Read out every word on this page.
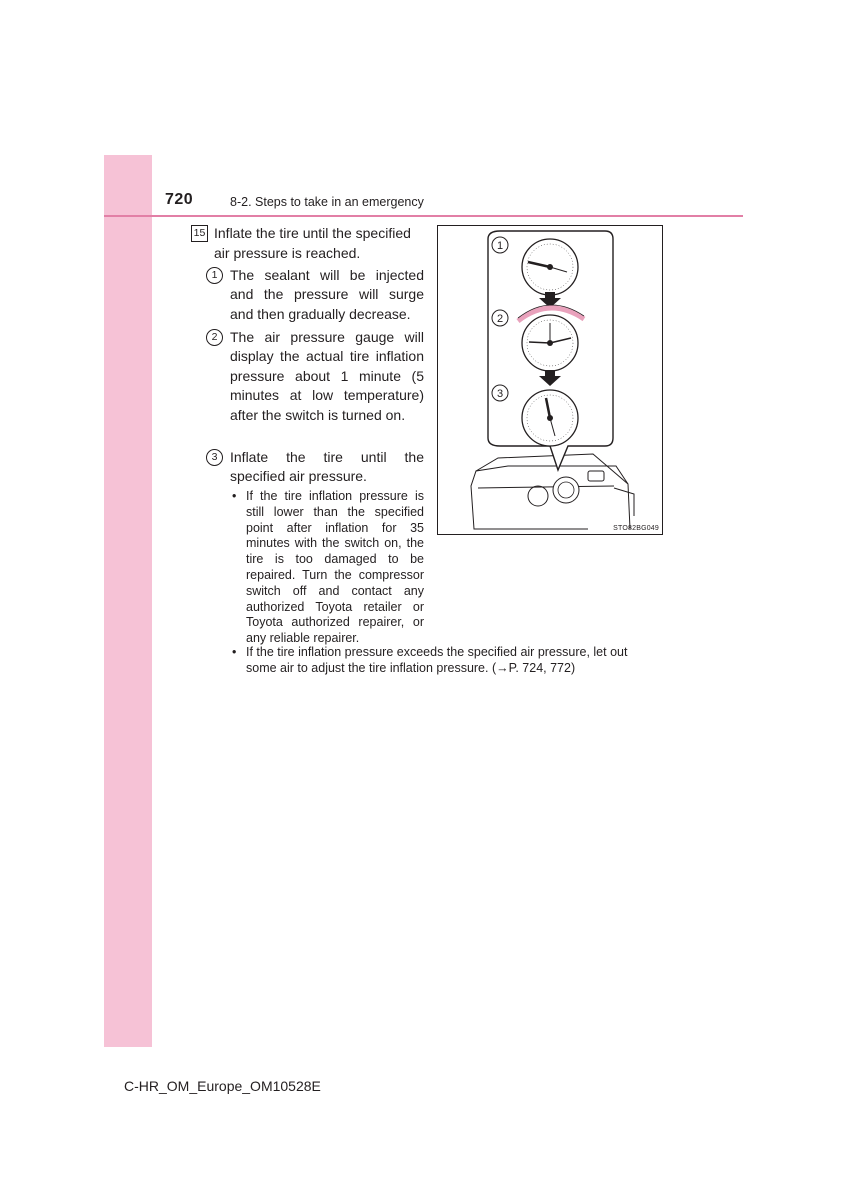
720	8-2. Steps to take in an emergency
15 Inflate the tire until the specified air pressure is reached.
1 The sealant will be injected and the pressure will surge and then gradually decrease.
2 The air pressure gauge will display the actual tire inflation pressure about 1 minute (5 minutes at low temperature) after the switch is turned on.
3 Inflate the tire until the specified air pressure.
• If the tire inflation pressure is still lower than the specified point after inflation for 35 minutes with the switch on, the tire is too damaged to be repaired. Turn the compressor switch off and contact any authorized Toyota retailer or Toyota authorized repairer, or any reliable repairer.
• If the tire inflation pressure exceeds the specified air pressure, let out some air to adjust the tire inflation pressure. (→P. 724, 772)
1
2
3
STO82BG049
C-HR_OM_Europe_OM10528E
